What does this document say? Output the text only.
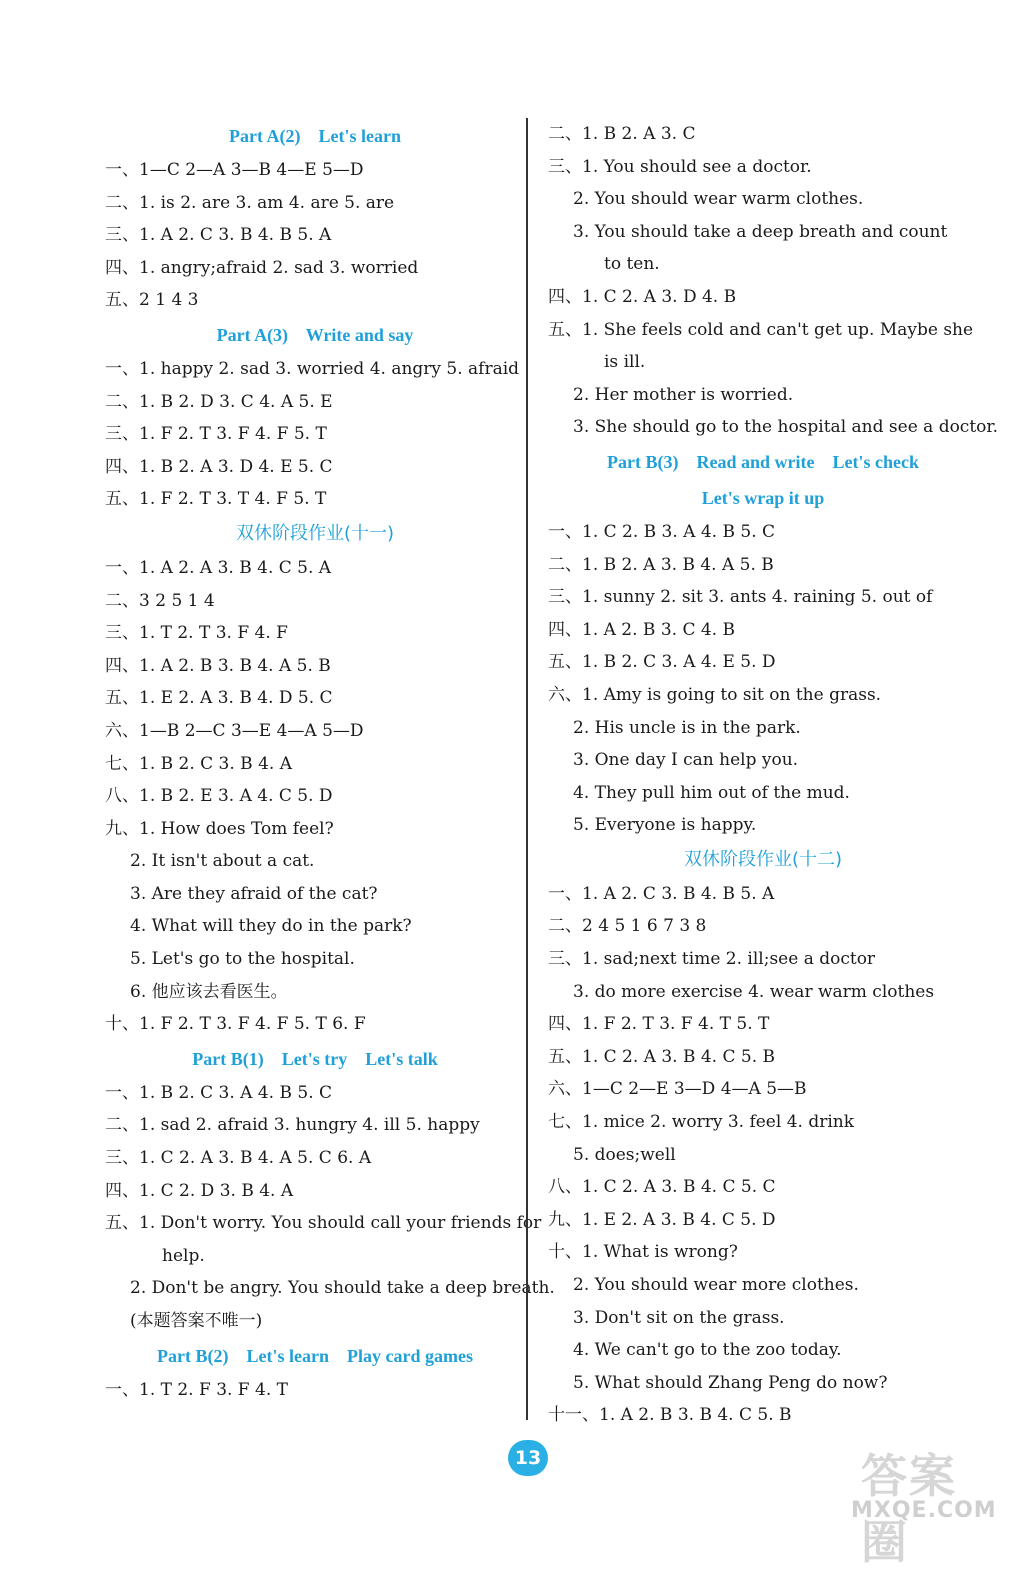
Part A(2)    Let's learn
一、1—C 2—A 3—B 4—E 5—D
二、1. is 2. are 3. am 4. are 5. are
三、1. A 2. C 3. B 4. B 5. A
四、1. angry;afraid 2. sad 3. worried
五、2 1 4 3
Part A(3)    Write and say
一、1. happy 2. sad 3. worried 4. angry 5. afraid
二、1. B 2. D 3. C 4. A 5. E
三、1. F 2. T 3. F 4. F 5. T
四、1. B 2. A 3. D 4. E 5. C
五、1. F 2. T 3. T 4. F 5. T
双休阶段作业(十一)
一、1. A 2. A 3. B 4. C 5. A
二、3 2 5 1 4
三、1. T 2. T 3. F 4. F
四、1. A 2. B 3. B 4. A 5. B
五、1. E 2. A 3. B 4. D 5. C
六、1—B 2—C 3—E 4—A 5—D
七、1. B 2. C 3. B 4. A
八、1. B 2. E 3. A 4. C 5. D
九、1. How does Tom feel?
2. It isn't about a cat.
3. Are they afraid of the cat?
4. What will they do in the park?
5. Let's go to the hospital.
6. 他应该去看医生。
十、1. F 2. T 3. F 4. F 5. T 6. F
Part B(1)    Let's try    Let's talk
一、1. B 2. C 3. A 4. B 5. C
二、1. sad 2. afraid 3. hungry 4. ill 5. happy
三、1. C 2. A 3. B 4. A 5. C 6. A
四、1. C 2. D 3. B 4. A
五、1. Don't worry. You should call your friends for
help.
2. Don't be angry. You should take a deep breath.
(本题答案不唯一)
Part B(2)    Let's learn    Play card games
一、1. T 2. F 3. F 4. T
二、1. B 2. A 3. C
三、1. You should see a doctor.
2. You should wear warm clothes.
3. You should take a deep breath and count
to ten.
四、1. C 2. A 3. D 4. B
五、1. She feels cold and can't get up. Maybe she
is ill.
2. Her mother is worried.
3. She should go to the hospital and see a doctor.
Part B(3)    Read and write    Let's check
Let's wrap it up
一、1. C 2. B 3. A 4. B 5. C
二、1. B 2. A 3. B 4. A 5. B
三、1. sunny 2. sit 3. ants 4. raining 5. out of
四、1. A 2. B 3. C 4. B
五、1. B 2. C 3. A 4. E 5. D
六、1. Amy is going to sit on the grass.
2. His uncle is in the park.
3. One day I can help you.
4. They pull him out of the mud.
5. Everyone is happy.
双休阶段作业(十二)
一、1. A 2. C 3. B 4. B 5. A
二、2 4 5 1 6 7 3 8
三、1. sad;next time 2. ill;see a doctor
3. do more exercise 4. wear warm clothes
四、1. F 2. T 3. F 4. T 5. T
五、1. C 2. A 3. B 4. C 5. B
六、1—C 2—E 3—D 4—A 5—B
七、1. mice 2. worry 3. feel 4. drink
5. does;well
八、1. C 2. A 3. B 4. C 5. C
九、1. E 2. A 3. B 4. C 5. D
十、1. What is wrong?
2. You should wear more clothes.
3. Don't sit on the grass.
4. We can't go to the zoo today.
5. What should Zhang Peng do now?
十一、1. A 2. B 3. B 4. C 5. B
13	答案圈
MXQE.COM
